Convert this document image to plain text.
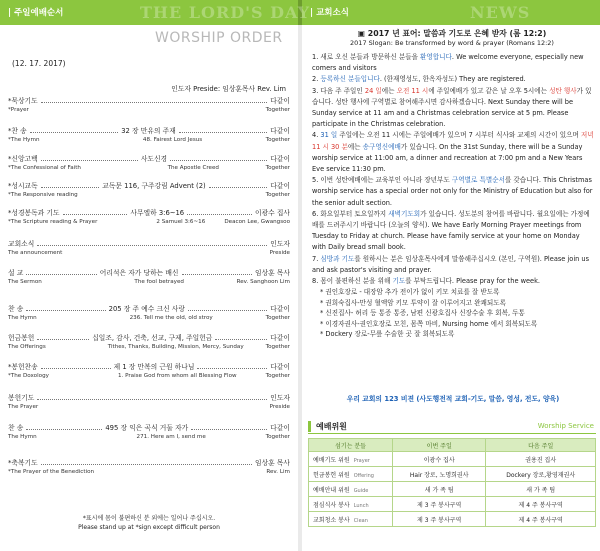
| 주일예배순서	THE LORD'S DAY | 교회소식	NEWS
WORSHIP ORDER
(12. 17. 2017)
인도자 Preside: 임상훈목사 Rev. Lim
*묵상기도	다같이
*Prayer	Together
*찬 송	32 장 만유의 주재	다같이
*The Hymn	48. Fairest Lord Jesus	Together
*신앙고백	사도신경	다같이
*The Confessional of Faith	The Apostle Creed	Together
*성시교독	교독문 116, 구주강림 Advent (2)	다같이
*The Responsive reading	Together
*성경봉독과 기도	사무엘하 3:6~16	이광수 집사
*The Scripture reading & Prayer	2 Samuel 3:6~16	Deacon Lee, Gwangsoo
교회소식	인도자
The announcement	Preside
설 교	어리석은 자가 당하는 배신	임상훈 목사
The Sermon	The fool betrayed	Rev. Sanghoon Lim
찬 송	205 장 주 예수 크신 사랑	다같이
The Hymn	236. Tell me the old, old stroy	Together
헌금봉헌	십일조, 감사, 건축, 선교, 구제, 주일헌금	다같이
The Offerings	Tithes, Thanks, Building, Mission, Mercy, Sunday	Together
*봉헌찬송	제 1 장 만복의 근원 하나님	다같이
*The Doxology	1. Praise God from whom all Blessing Flow	Together
봉헌기도	인도자
The Prayer	Preside
찬 송	495 장 익은 곡식 거둘 자가	다같이
The Hymn	271. Here am I, send me	Together
*축복기도	임상훈 목사
*The Prayer of the Benediction	Rev. Lim
*표시에 몸이 불편하신 분 외에는 일어나 주십시오.
Please stand up at *sign except difficult person
▣ 2017 년 표어: 말씀과 기도로 은혜 받자 (롬 12:2)
2017 Slogan: Be transformed by word & prayer (Romans 12:2)

1. 새로 오신 분들과 방문하신 분들을 환영합니다. We welcome everyone, especially new comers and visitors

2. 등록하신 분들입니다. (한재영성도, 한옥자성도) They are registered.

3. 다음 주 주일인 24 일에는 오전 11 시에 주일예배가 있고 같은 날 오후 5시에는 성탄 행사가 있습니다. 성탄 행사에 구역별로 참여해주시면 감사하겠습니다. Next Sunday there will be Sunday service at 11 am and a Christmas celebration service at 5 pm. Please participate in the Christmas celebration.

4. 31 일 주일에는 오전 11 시에는 주일예배가 있으며 7 시부터 식사와 교제의 시간이 있으며 저녁 11 시 30 분에는 송구영신예배가 있습니다. On the 31st Sunday, there will be a Sunday worship service at 11:00 am, a dinner and recreation at 7:00 pm and a New Years Eve service 11:30 pm.

5. 이번 성탄예배에는 교육부인 아니라 장년부도 구역별로 특별순서를 갖습니다. This Christmas worship service has a special order not only for the Ministry of Education but also for the senior adult section.

6. 화요일부터 토요일까지 새벽기도회가 있습니다. 성도분의 참여를 바랍니다. 월요일에는 가정예배를 드려주시기 바랍니다 (오늘의 양식). We have Early Morning Prayer meetings from Tuesday to Friday at church. Please have family service at your home on Monday with Daily bread small book.

7. 심방과 기도를 원하시는 분은 임상훈목사에게 말씀해주십시오 (본인, 구역원). Please join us and ask pastor's visiting and prayer.

8. 몸이 불편하신 분을 위해 기도를 부탁드립니다. Please pray for the week.

* 권인호장로 - 대장암 추가 전이가 없이 키모 치료를 잘 받도록
* 권희숙집사-만성 혈액암 키모 투약이 잘 이루어지고 완쾌되도록
* 신진집사- 허리 등 통증 통증, 남편 신광호집사 신장수술 후 회복, 두통
* 이경자권사-권인호장로 모친, 몸쪽 마비, Nursing home 에서 회복되도록
* Dockery 장로-무릎 수술한 곳 잘 회복되도록
우리 교회의 123 비젼 (사도행전적 교회-기도, 말씀, 영성, 전도, 양육)
예배위원	Worship Service
섬기는 분들	이번 주일	다음 주일
예배기도 위원 Prayer	이광수 집사	권용진 집사
헌금봉헌 위원 Offering	Hair 장로, 노명희권사	Dockery 장로,황영재권사
예배안내 위원 Guide	새 가 족 팀	새 가 족 팀
점심식사 봉사 Lunch	제 3 주 봉사구역	제 4 주 봉사구역
교회청소 봉사 Clean	제 3 주 봉사구역	제 4 주 봉사구역
